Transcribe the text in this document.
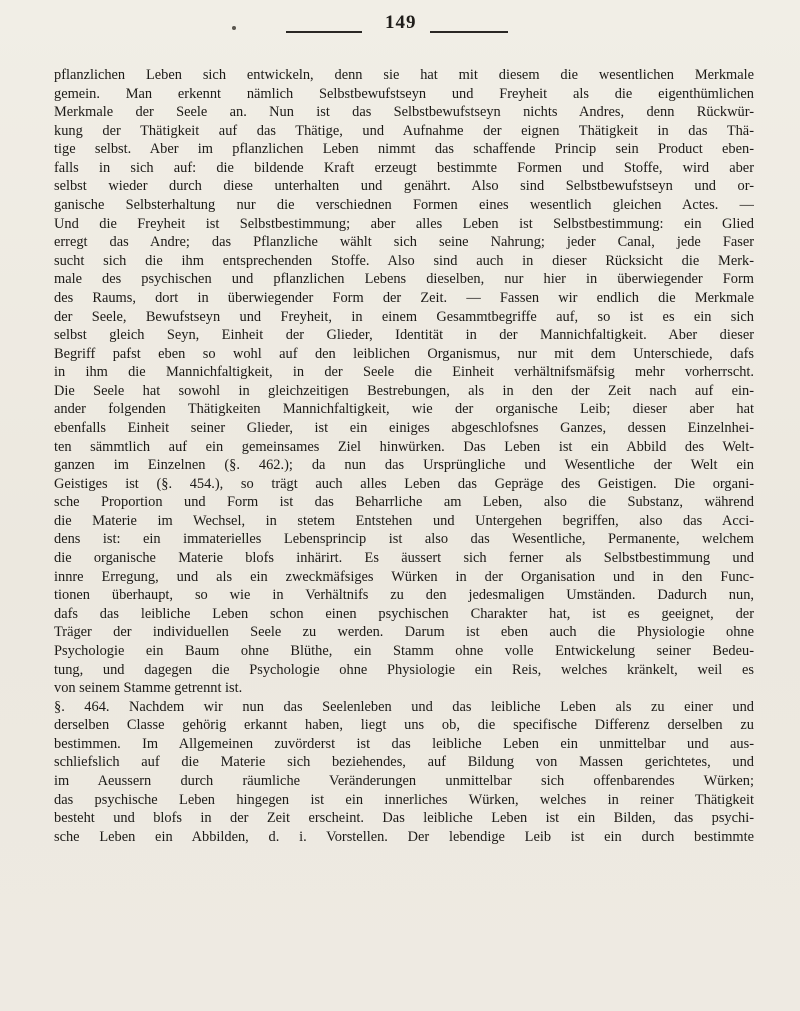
149
pflanzlichen Leben sich entwickeln, denn sie hat mit diesem die wesentlichen Merkmale
gemein. Man erkennt nämlich Selbstbewufstseyn und Freyheit als die eigenthümlichen
Merkmale der Seele an. Nun ist das Selbstbewufstseyn nichts Andres, denn Rückwür-
kung der Thätigkeit auf das Thätige, und Aufnahme der eignen Thätigkeit in das Thä-
tige selbst. Aber im pflanzlichen Leben nimmt das schaffende Princip sein Product eben-
falls in sich auf: die bildende Kraft erzeugt bestimmte Formen und Stoffe, wird aber
selbst wieder durch diese unterhalten und genährt. Also sind Selbstbewufstseyn und or-
ganische Selbsterhaltung nur die verschiednen Formen eines wesentlich gleichen Actes. —
Und die Freyheit ist Selbstbestimmung; aber alles Leben ist Selbstbestimmung: ein Glied
erregt das Andre; das Pflanzliche wählt sich seine Nahrung; jeder Canal, jede Faser
sucht sich die ihm entsprechenden Stoffe. Also sind auch in dieser Rücksicht die Merk-
male des psychischen und pflanzlichen Lebens dieselben, nur hier in überwiegender Form
des Raums, dort in überwiegender Form der Zeit. — Fassen wir endlich die Merkmale
der Seele, Bewufstseyn und Freyheit, in einem Gesammtbegriffe auf, so ist es ein sich
selbst gleich Seyn, Einheit der Glieder, Identität in der Mannichfaltigkeit. Aber dieser
Begriff pafst eben so wohl auf den leiblichen Organismus, nur mit dem Unterschiede, dafs
in ihm die Mannichfaltigkeit, in der Seele die Einheit verhältnifsmäfsig mehr vorherrscht.
Die Seele hat sowohl in gleichzeitigen Bestrebungen, als in den der Zeit nach auf ein-
ander folgenden Thätigkeiten Mannichfaltigkeit, wie der organische Leib; dieser aber hat
ebenfalls Einheit seiner Glieder, ist ein einiges abgeschlofsnes Ganzes, dessen Einzelnhei-
ten sämmtlich auf ein gemeinsames Ziel hinwürken. Das Leben ist ein Abbild des Welt-
ganzen im Einzelnen (§. 462.); da nun das Ursprüngliche und Wesentliche der Welt ein
Geistiges ist (§. 454.), so trägt auch alles Leben das Gepräge des Geistigen. Die organi-
sche Proportion und Form ist das Beharrliche am Leben, also die Substanz, während
die Materie im Wechsel, in stetem Entstehen und Untergehen begriffen, also das Acci-
dens ist: ein immaterielles Lebensprincip ist also das Wesentliche, Permanente, welchem
die organische Materie blofs inhärirt. Es äussert sich ferner als Selbstbestimmung und
innre Erregung, und als ein zweckmäfsiges Würken in der Organisation und in den Func-
tionen überhaupt, so wie in Verhältnifs zu den jedesmaligen Umständen. Dadurch nun,
dafs das leibliche Leben schon einen psychischen Charakter hat, ist es geeignet, der
Träger der individuellen Seele zu werden. Darum ist eben auch die Physiologie ohne
Psychologie ein Baum ohne Blüthe, ein Stamm ohne volle Entwickelung seiner Bedeu-
tung, und dagegen die Psychologie ohne Physiologie ein Reis, welches kränkelt, weil es
von seinem Stamme getrennt ist.
§. 464. Nachdem wir nun das Seelenleben und das leibliche Leben als zu einer und
derselben Classe gehörig erkannt haben, liegt uns ob, die specifische Differenz derselben zu
bestimmen. Im Allgemeinen zuvörderst ist das leibliche Leben ein unmittelbar und aus-
schliefslich auf die Materie sich beziehendes, auf Bildung von Massen gerichtetes, und
im Aeussern durch räumliche Veränderungen unmittelbar sich offenbarendes Würken;
das psychische Leben hingegen ist ein innerliches Würken, welches in reiner Thätigkeit
besteht und blofs in der Zeit erscheint. Das leibliche Leben ist ein Bilden, das psychi-
sche Leben ein Abbilden, d. i. Vorstellen. Der lebendige Leib ist ein durch bestimmte
